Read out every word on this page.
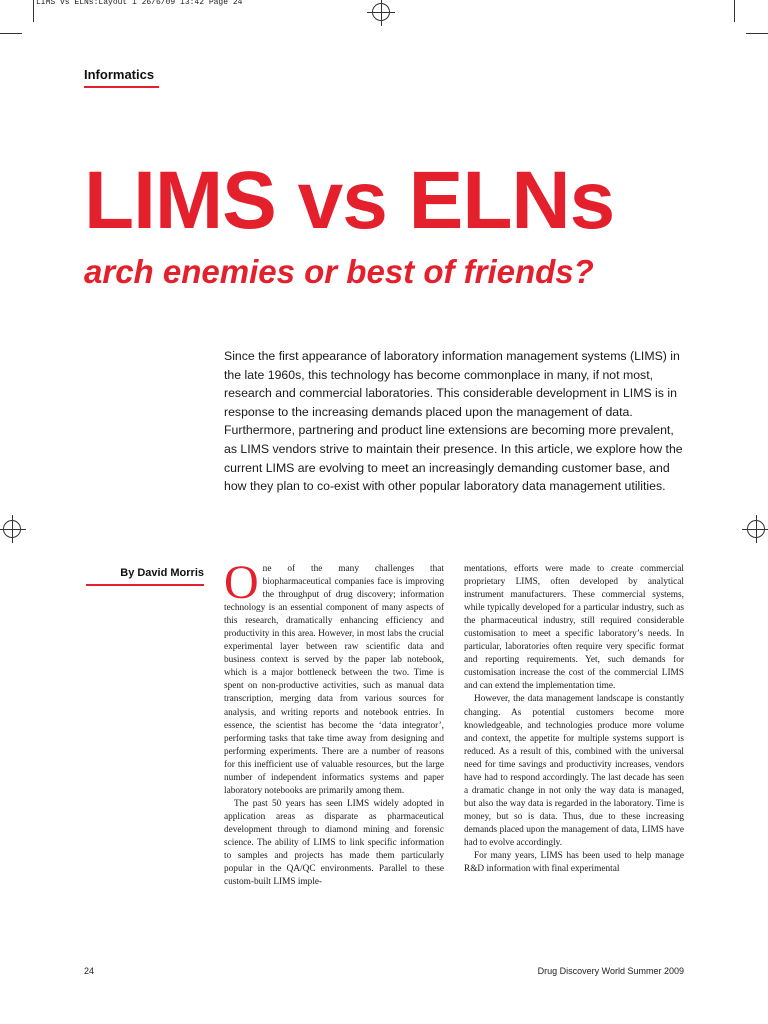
LIMS vs ELNs:Layout 1 26/6/09 13:42 Page 24
Informatics
LIMS vs ELNs
arch enemies or best of friends?

Since the first appearance of laboratory information management systems (LIMS) in the late 1960s, this technology has become commonplace in many, if not most, research and commercial laboratories. This considerable development in LIMS is in response to the increasing demands placed upon the management of data. Furthermore, partnering and product line extensions are becoming more prevalent, as LIMS vendors strive to maintain their presence. In this article, we explore how the current LIMS are evolving to meet an increasingly demanding customer base, and how they plan to co-exist with other popular laboratory data management utilities.

By David Morris One of the many challenges that biopharmaceutical companies face is improving the throughput of drug discovery; information technology is an essential component of many aspects of this research, dramatically enhancing efficiency and productivity in this area. However, in most labs the crucial experimental layer between raw scientific data and business context is served by the paper lab notebook, which is a major bottleneck between the two. Time is spent on non-productive activities, such as manual data transcription, merging data from various sources for analysis, and writing reports and notebook entries. In essence, the scientist has become the ‘data integrator’, performing tasks that take time away from designing and performing experiments. There are a number of reasons for this inefficient use of valuable resources, but the large number of independent informatics systems and paper laboratory notebooks are primarily among them.

The past 50 years has seen LIMS widely adopted in application areas as disparate as pharmaceutical development through to diamond mining and forensic science. The ability of LIMS to link specific information to samples and projects has made them particularly popular in the QA/QC environments. Parallel to these custom-built LIMS imple-

mentations, efforts were made to create commercial proprietary LIMS, often developed by analytical instrument manufacturers. These commercial systems, while typically developed for a particular industry, such as the pharmaceutical industry, still required considerable customisation to meet a specific laboratory’s needs. In particular, laboratories often require very specific format and reporting requirements. Yet, such demands for customisation increase the cost of the commercial LIMS and can extend the implementation time.

However, the data management landscape is constantly changing. As potential customers become more knowledgeable, and technologies produce more volume and context, the appetite for multiple systems support is reduced. As a result of this, combined with the universal need for time savings and productivity increases, vendors have had to respond accordingly. The last decade has seen a dramatic change in not only the way data is managed, but also the way data is regarded in the laboratory. Time is money, but so is data. Thus, due to these increasing demands placed upon the management of data, LIMS have had to evolve accordingly.

For many years, LIMS has been used to help manage R&D information with final experimental

24	Drug Discovery World Summer 2009
